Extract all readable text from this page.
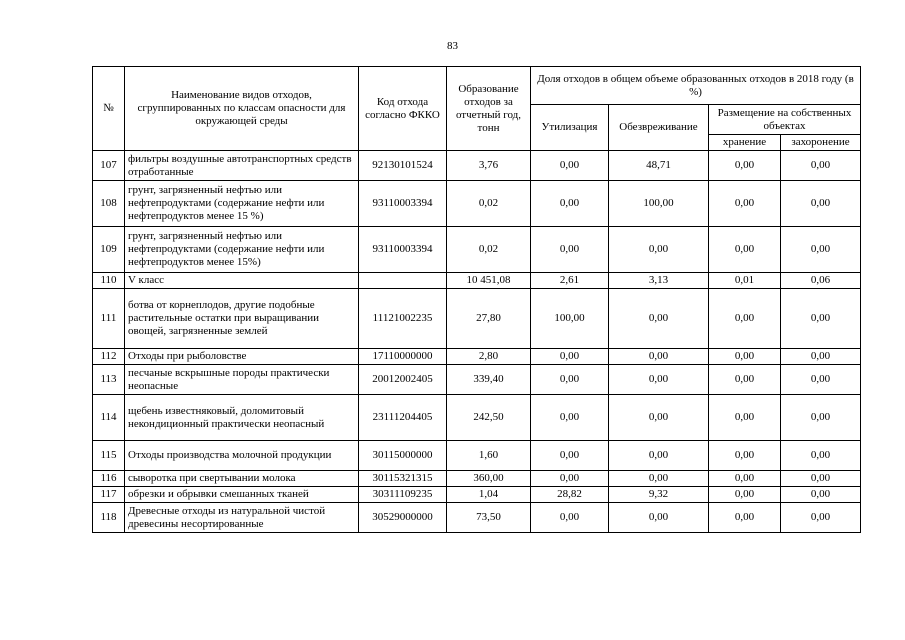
83
№	Наименование видов отходов, сгруппированных по классам опасности для окружающей среды	Код отхода согласно ФККО	Образование отходов за отчетный год, тонн	Доля отходов в общем объеме образованных отходов в 2018 году (в %)			
				Утилизация	Обезвреживание	Размещение на собственных объектах	
						хранение	захоронение
107	фильтры воздушные автотранспортных средств отработанные	92130101524	3,76	0,00	48,71	0,00	0,00
108	грунт, загрязненный нефтью или нефтепродуктами (содержание нефти или нефтепродуктов менее 15 %)	93110003394	0,02	0,00	100,00	0,00	0,00
109	грунт, загрязненный нефтью или нефтепродуктами (содержание нефти или нефтепродуктов менее 15%)	93110003394	0,02	0,00	0,00	0,00	0,00
110	V класс		10 451,08	2,61	3,13	0,01	0,06
111	ботва от корнеплодов, другие подобные растительные остатки при выращивании овощей, загрязненные землей	11121002235	27,80	100,00	0,00	0,00	0,00
112	Отходы при рыболовстве	17110000000	2,80	0,00	0,00	0,00	0,00
113	песчаные вскрышные породы практически неопасные	20012002405	339,40	0,00	0,00	0,00	0,00
114	щебень известняковый, доломитовый некондиционный практически неопасный	23111204405	242,50	0,00	0,00	0,00	0,00
115	Отходы производства молочной продукции	30115000000	1,60	0,00	0,00	0,00	0,00
116	сыворотка при свертывании молока	30115321315	360,00	0,00	0,00	0,00	0,00
117	обрезки и обрывки смешанных тканей	30311109235	1,04	28,82	9,32	0,00	0,00
118	Древесные отходы из натуральной чистой древесины несортированные	30529000000	73,50	0,00	0,00	0,00	0,00
